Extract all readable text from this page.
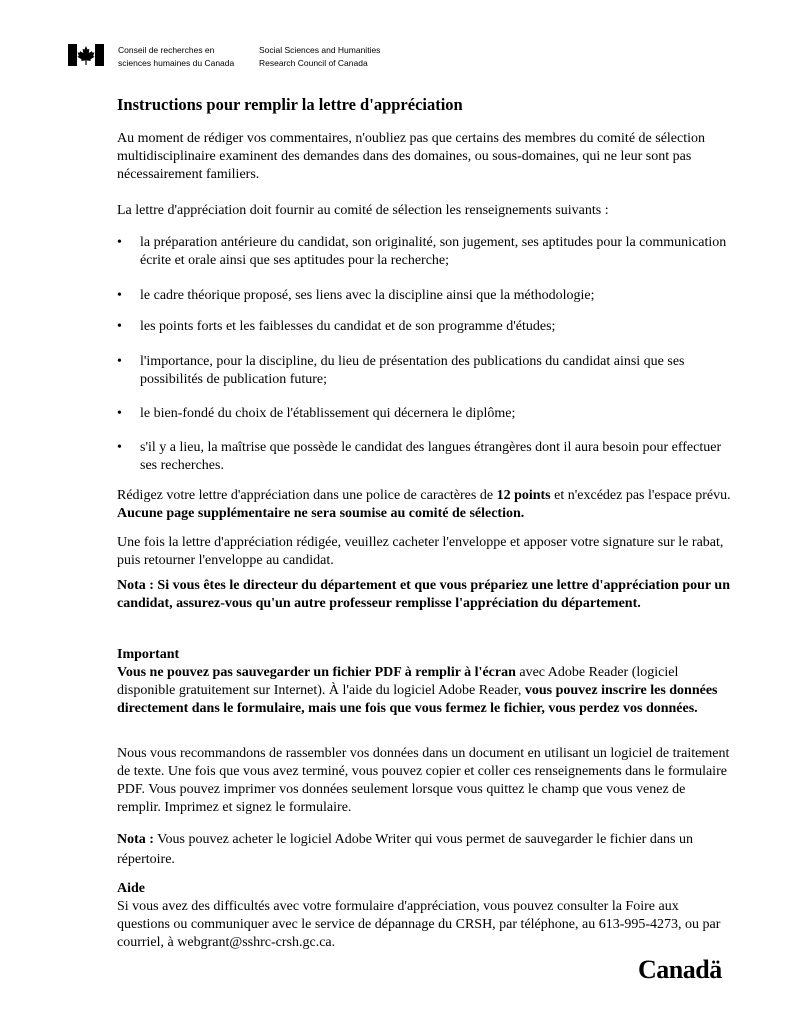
Conseil de recherches en
sciences humaines du Canada
Social Sciences and Humanities
Research Council of Canada
Instructions pour remplir la lettre d'appréciation
Au moment de rédiger vos commentaires, n'oubliez pas que certains des membres du comité de sélection multidisciplinaire examinent des demandes dans des domaines, ou sous-domaines, qui ne leur sont pas nécessairement familiers.
La lettre d'appréciation doit fournir au comité de sélection les renseignements suivants :
• la préparation antérieure du candidat, son originalité, son jugement, ses aptitudes pour la communication écrite et orale ainsi que ses aptitudes pour la recherche;
• le cadre théorique proposé, ses liens avec la discipline ainsi que la méthodologie;
• les points forts et les faiblesses du candidat et de son programme d'études;
• l'importance, pour la discipline, du lieu de présentation des publications du candidat ainsi que ses possibilités de publication future;
• le bien-fondé du choix de l'établissement qui décernera le diplôme;
• s'il y a lieu, la maîtrise que possède le candidat des langues étrangères dont il aura besoin pour effectuer ses recherches.
Rédigez votre lettre d'appréciation dans une police de caractères de 12 points et n'excédez pas l'espace prévu. Aucune page supplémentaire ne sera soumise au comité de sélection.
Une fois la lettre d'appréciation rédigée, veuillez cacheter l'enveloppe et apposer votre signature sur le rabat, puis retourner l'enveloppe au candidat.
Nota : Si vous êtes le directeur du département et que vous prépariez une lettre d'appréciation pour un candidat, assurez-vous qu'un autre professeur remplisse l'appréciation du département.
Important
Vous ne pouvez pas sauvegarder un fichier PDF à remplir à l'écran avec Adobe Reader (logiciel disponible gratuitement sur Internet). À l'aide du logiciel Adobe Reader, vous pouvez inscrire les données directement dans le formulaire, mais une fois que vous fermez le fichier, vous perdez vos données.
Nous vous recommandons de rassembler vos données dans un document en utilisant un logiciel de traitement de texte. Une fois que vous avez terminé, vous pouvez copier et coller ces renseignements dans le formulaire PDF. Vous pouvez imprimer vos données seulement lorsque vous quittez le champ que vous venez de remplir. Imprimez et signez le formulaire.
Nota : Vous pouvez acheter le logiciel Adobe Writer qui vous permet de sauvegarder le fichier dans un répertoire.
Aide
Si vous avez des difficultés avec votre formulaire d'appréciation, vous pouvez consulter la Foire aux questions ou communiquer avec le service de dépannage du CRSH, par téléphone, au 613-995-4273, ou par courriel, à webgrant@sshrc-crsh.gc.ca.
Canadä
